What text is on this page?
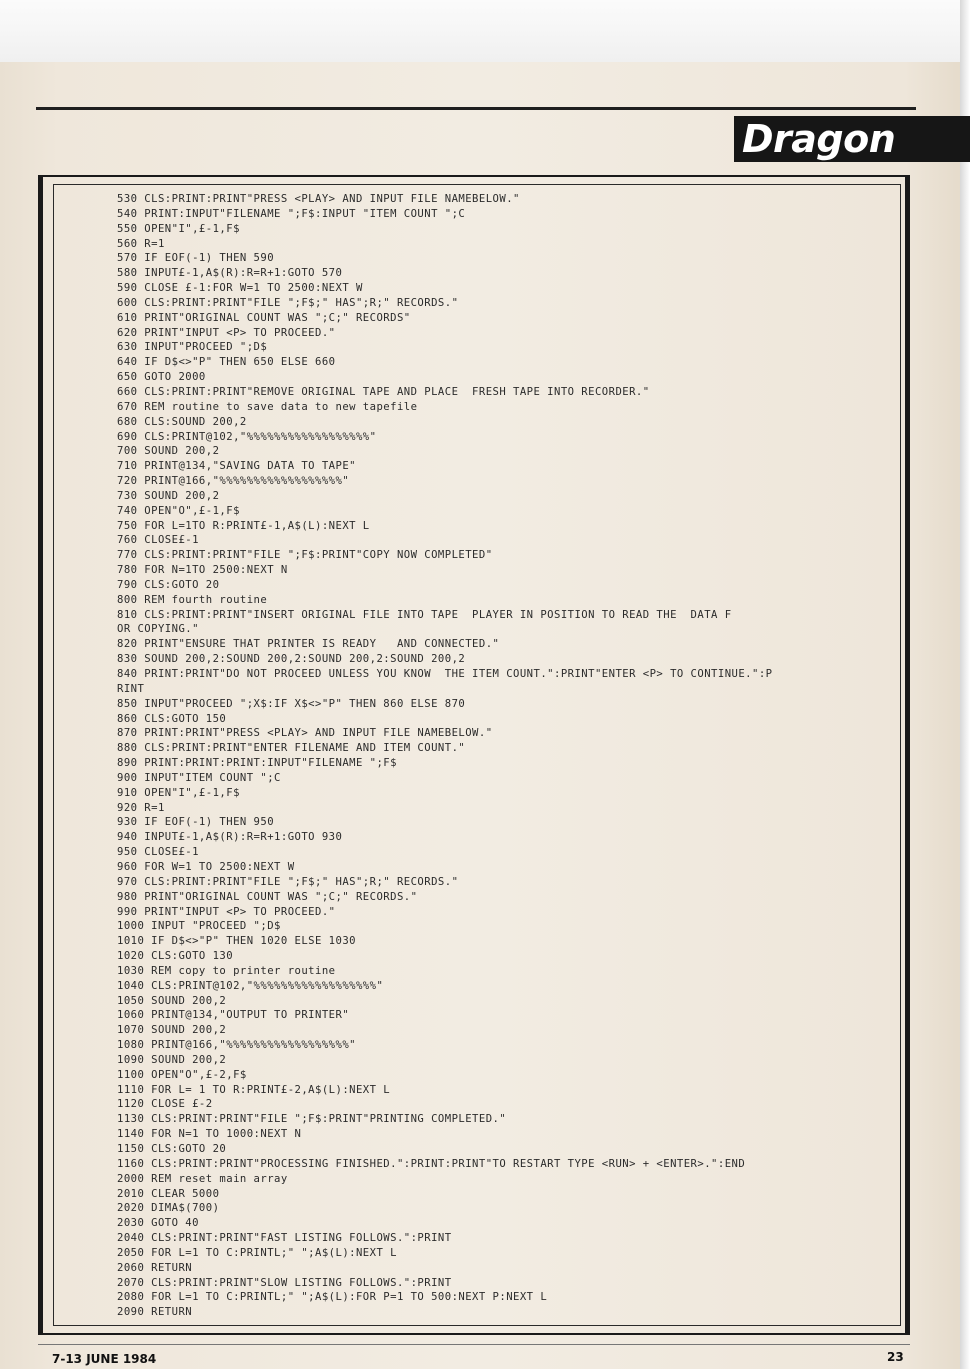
Dragon
530 CLS:PRINT:PRINT"PRESS <PLAY> AND INPUT FILE NAMEBELOW."
540 PRINT:INPUT"FILENAME ";F$:INPUT "ITEM COUNT ";C
550 OPEN"I",£-1,F$
560 R=1
570 IF EOF(-1) THEN 590
580 INPUT£-1,A$(R):R=R+1:GOTO 570
590 CLOSE £-1:FOR W=1 TO 2500:NEXT W
600 CLS:PRINT:PRINT"FILE ";F$;" HAS";R;" RECORDS."
610 PRINT"ORIGINAL COUNT WAS ";C;" RECORDS"
620 PRINT"INPUT <P> TO PROCEED."
630 INPUT"PROCEED ";D$
640 IF D$<>"P" THEN 650 ELSE 660
650 GOTO 2000
660 CLS:PRINT:PRINT"REMOVE ORIGINAL TAPE AND PLACE  FRESH TAPE INTO RECORDER."
670 REM routine to save data to new tapefile
680 CLS:SOUND 200,2
690 CLS:PRINT@102,"%%%%%%%%%%%%%%%%%%"
700 SOUND 200,2
710 PRINT@134,"SAVING DATA TO TAPE"
720 PRINT@166,"%%%%%%%%%%%%%%%%%%"
730 SOUND 200,2
740 OPEN"O",£-1,F$
750 FOR L=1TO R:PRINT£-1,A$(L):NEXT L
760 CLOSE£-1
770 CLS:PRINT:PRINT"FILE ";F$:PRINT"COPY NOW COMPLETED"
780 FOR N=1TO 2500:NEXT N
790 CLS:GOTO 20
800 REM fourth routine
810 CLS:PRINT:PRINT"INSERT ORIGINAL FILE INTO TAPE  PLAYER IN POSITION TO READ THE  DATA F
OR COPYING."
820 PRINT"ENSURE THAT PRINTER IS READY   AND CONNECTED."
830 SOUND 200,2:SOUND 200,2:SOUND 200,2:SOUND 200,2
840 PRINT:PRINT"DO NOT PROCEED UNLESS YOU KNOW  THE ITEM COUNT.":PRINT"ENTER <P> TO CONTINUE.":P
RINT
850 INPUT"PROCEED ";X$:IF X$<>"P" THEN 860 ELSE 870
860 CLS:GOTO 150
870 PRINT:PRINT"PRESS <PLAY> AND INPUT FILE NAMEBELOW."
880 CLS:PRINT:PRINT"ENTER FILENAME AND ITEM COUNT."
890 PRINT:PRINT:PRINT:INPUT"FILENAME ";F$
900 INPUT"ITEM COUNT ";C
910 OPEN"I",£-1,F$
920 R=1
930 IF EOF(-1) THEN 950
940 INPUT£-1,A$(R):R=R+1:GOTO 930
950 CLOSE£-1
960 FOR W=1 TO 2500:NEXT W
970 CLS:PRINT:PRINT"FILE ";F$;" HAS";R;" RECORDS."
980 PRINT"ORIGINAL COUNT WAS ";C;" RECORDS."
990 PRINT"INPUT <P> TO PROCEED."
1000 INPUT "PROCEED ";D$
1010 IF D$<>"P" THEN 1020 ELSE 1030
1020 CLS:GOTO 130
1030 REM copy to printer routine
1040 CLS:PRINT@102,"%%%%%%%%%%%%%%%%%%"
1050 SOUND 200,2
1060 PRINT@134,"OUTPUT TO PRINTER"
1070 SOUND 200,2
1080 PRINT@166,"%%%%%%%%%%%%%%%%%%"
1090 SOUND 200,2
1100 OPEN"O",£-2,F$
1110 FOR L= 1 TO R:PRINT£-2,A$(L):NEXT L
1120 CLOSE £-2
1130 CLS:PRINT:PRINT"FILE ";F$:PRINT"PRINTING COMPLETED."
1140 FOR N=1 TO 1000:NEXT N
1150 CLS:GOTO 20
1160 CLS:PRINT:PRINT"PROCESSING FINISHED.":PRINT:PRINT"TO RESTART TYPE <RUN> + <ENTER>.":END
2000 REM reset main array
2010 CLEAR 5000
2020 DIMA$(700)
2030 GOTO 40
2040 CLS:PRINT:PRINT"FAST LISTING FOLLOWS.":PRINT
2050 FOR L=1 TO C:PRINTL;" ";A$(L):NEXT L
2060 RETURN
2070 CLS:PRINT:PRINT"SLOW LISTING FOLLOWS.":PRINT
2080 FOR L=1 TO C:PRINTL;" ";A$(L):FOR P=1 TO 500:NEXT P:NEXT L
2090 RETURN
7-13 JUNE 1984	23
